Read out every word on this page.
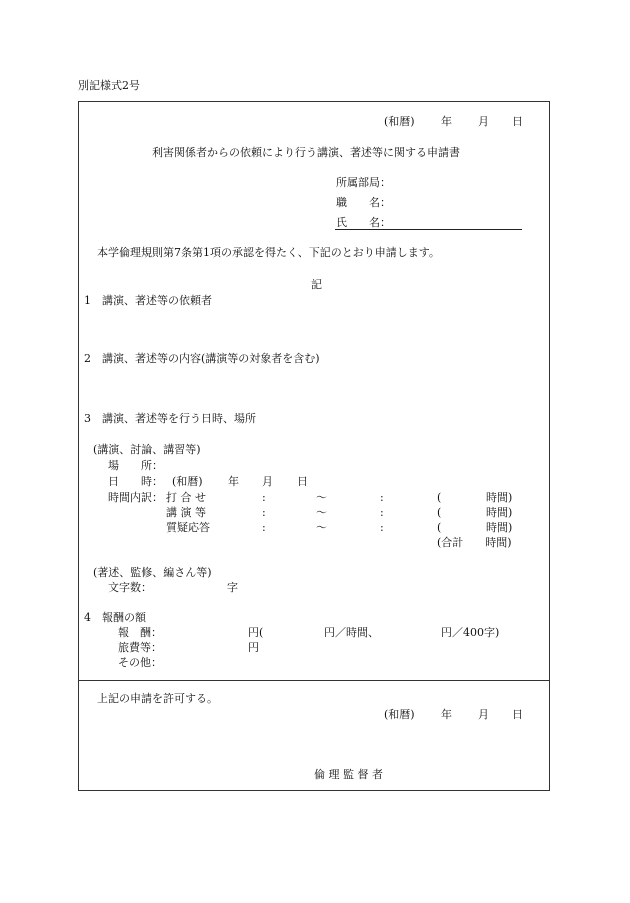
別記様式2号
(和暦) 年 月 日
利害関係者からの依頼により行う講演、著述等に関する申請書
所属部局：
職　　名：
氏　　名：
本学倫理規則第7条第1項の承認を得たく、下記のとおり申請します。
記
1　講演、著述等の依頼者
2　講演、著述等の内容(講演等の対象者を含む)
3　講演、著述等を行う日時、場所
(講演、討論、講習等)
場　　所：
日　　時： (和暦) 年 月 日
時間内訳： 打 合 せ	:	〜	:	(	時間)
講 演 等	:	〜	:	(	時間)
質疑応答	:	〜	:	(	時間)
(合計　　時間)
(著述、監修、編さん等)
文字数：	字
4　報酬の額
報　酬：	円(	円／時間、	円／400字)
旅費等：	円
その他：
上記の申請を許可する。
(和暦) 年 月 日
倫 理 監 督 者
